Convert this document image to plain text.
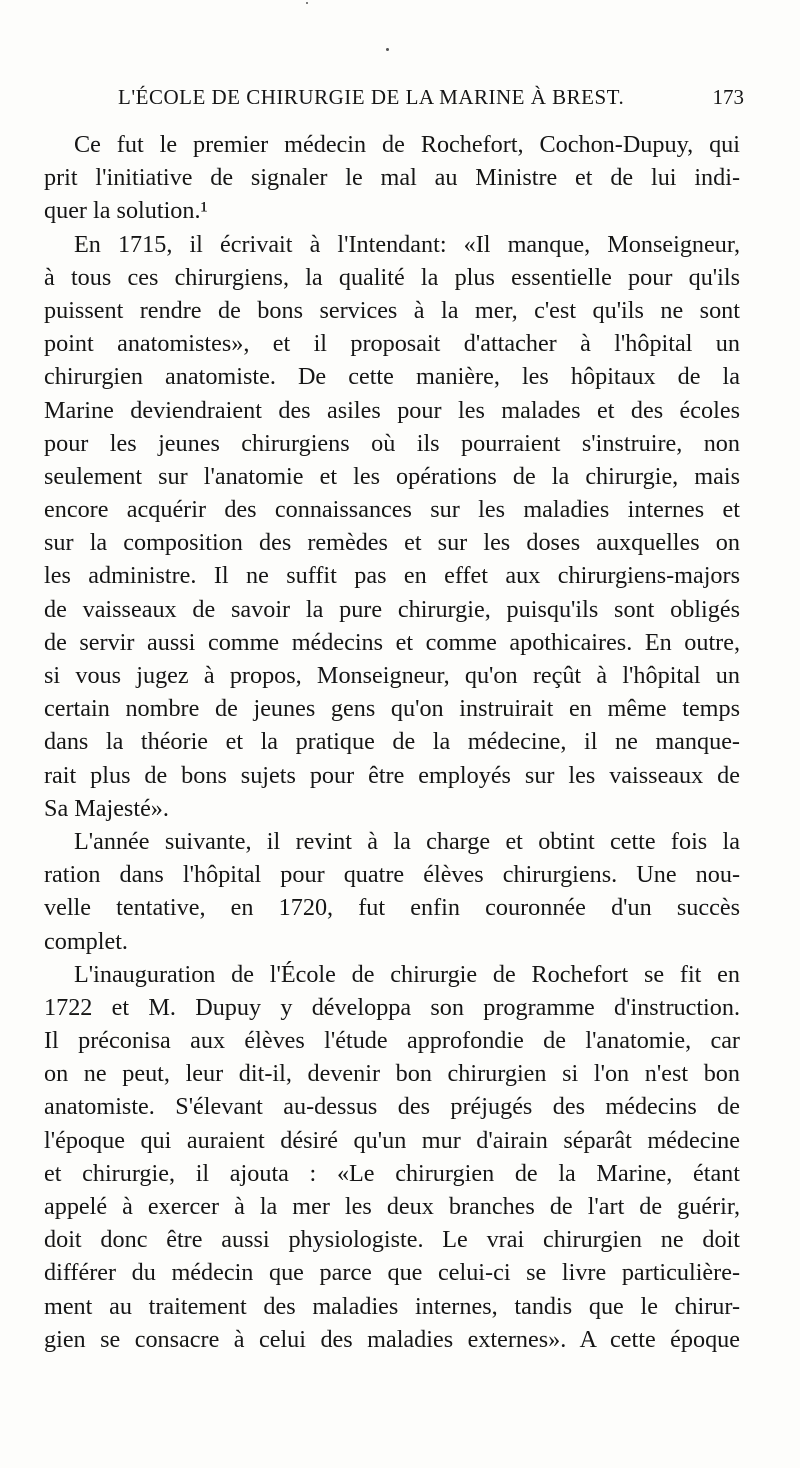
L'ÉCOLE DE CHIRURGIE DE LA MARINE À BREST.	173
Ce fut le premier médecin de Rochefort, Cochon-Dupuy, qui
prit l'initiative de signaler le mal au Ministre et de lui indi-
quer la solution.¹
En 1715, il écrivait à l'Intendant: «Il manque, Monseigneur,
à tous ces chirurgiens, la qualité la plus essentielle pour qu'ils
puissent rendre de bons services à la mer, c'est qu'ils ne sont
point anatomistes», et il proposait d'attacher à l'hôpital un
chirurgien anatomiste. De cette manière, les hôpitaux de la
Marine deviendraient des asiles pour les malades et des écoles
pour les jeunes chirurgiens où ils pourraient s'instruire, non
seulement sur l'anatomie et les opérations de la chirurgie, mais
encore acquérir des connaissances sur les maladies internes et
sur la composition des remèdes et sur les doses auxquelles on
les administre. Il ne suffit pas en effet aux chirurgiens-majors
de vaisseaux de savoir la pure chirurgie, puisqu'ils sont obligés
de servir aussi comme médecins et comme apothicaires. En outre,
si vous jugez à propos, Monseigneur, qu'on reçût à l'hôpital un
certain nombre de jeunes gens qu'on instruirait en même temps
dans la théorie et la pratique de la médecine, il ne manque-
rait plus de bons sujets pour être employés sur les vaisseaux de
Sa Majesté».
L'année suivante, il revint à la charge et obtint cette fois la
ration dans l'hôpital pour quatre élèves chirurgiens. Une nou-
velle tentative, en 1720, fut enfin couronnée d'un succès
complet.
L'inauguration de l'École de chirurgie de Rochefort se fit en
1722 et M. Dupuy y développa son programme d'instruction.
Il préconisa aux élèves l'étude approfondie de l'anatomie, car
on ne peut, leur dit-il, devenir bon chirurgien si l'on n'est bon
anatomiste. S'élevant au-dessus des préjugés des médecins de
l'époque qui auraient désiré qu'un mur d'airain séparât médecine
et chirurgie, il ajouta : «Le chirurgien de la Marine, étant
appelé à exercer à la mer les deux branches de l'art de guérir,
doit donc être aussi physiologiste. Le vrai chirurgien ne doit
différer du médecin que parce que celui-ci se livre particulière-
ment au traitement des maladies internes, tandis que le chirur-
gien se consacre à celui des maladies externes». A cette époque
